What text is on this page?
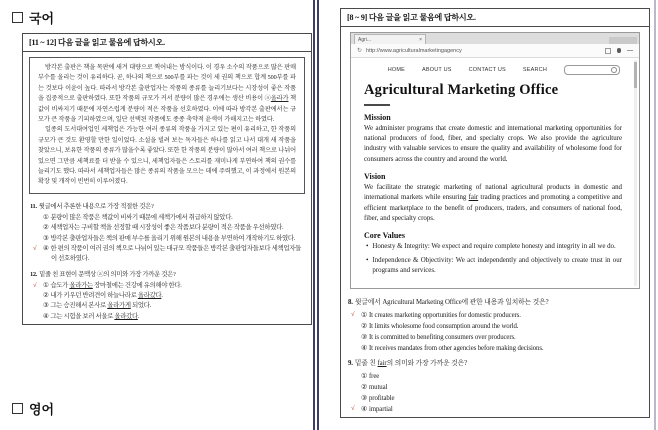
국어
[11 ~ 12] 다음 글을 읽고 물음에 답하시오.

방각본 출판은 책을 목판에 새겨 대량으로 찍어내는 방식이다. 이 경우 소수의 작품으로 많은 판매 부수를 올리는 것이 유리하다. 곧, 하나의 책으로 500부를 파는 것이 세 권의 책으로 합계 500부를 파는 것보다 이윤이 높다. 따라서 방각본 출판업자는 작품의 종류를 늘리기보다는 시장성이 좋은 작품을 집중적으로 출판하였다. 또한 작품의 규모가 커서 분량이 많은 경우에는 생산 비용이 ⓐ올라가 책값이 비싸지기 때문에 자연스럽게 분량이 적은 작품을 선호하였다. 이에 따라 방각본 출판에서는 규모가 큰 작품을 기피하였으며, 일단 선택된 작품에도 종종 축약적 윤색이 가해지고는 하였다.

일종의 도서대여업인 세책업은 가능한 여러 종류의 작품을 가지고 있는 편이 유리하고, 한 작품의 규모가 큰 것도 환영할 만한 일이었다. 소설을 빌려 보는 독자들은 하나를 읽고 나서 대개 새 작품을 찾았으니, 보유한 작품의 종류가 많을수록 좋았다. 또한 한 작품의 분량이 많아서 여러 책으로 나뉘어 있으면 그만큼 세책료를 더 받을 수 있으니, 세책업자들은 스토리를 재미나게 부연하여 책의 권수를 늘리기도 했다. 따라서 세책업자들은 많은 종류의 작품을 모으는 데에 주력했고, 이 과정에서 원본의 확장 및 개작이 빈번히 이루어졌다.

11. 윗글에서 추론한 내용으로 가장 적절한 것은?
① 분량이 많은 작품은 책값이 비싸기 때문에 세책가에서 취급하지 않았다.
② 세책업자는 구비할 책을 선정할 때 시장성이 좋은 작품보다 분량이 적은 작품을 우선하였다.
③ 방각본 출판업자들은 책의 판매 부수를 올리기 위해 원본의 내용을 부연하여 개작하기도 하였다.
√ ④ 한 편의 작품이 여러 권의 책으로 나뉘어 있는 대규모 작품들은 방각본 출판업자들보다 세책업자들이 선호하였다.
12. 밑줄 친 표현이 문맥상 ⓐ의 의미와 가장 가까운 것은?
√ ① 습도가 올라가는 장마철에는 건강에 유의해야 한다.
② 내가 키우던 반려견이 하늘나라로 올라갔다.
③ 그는 승진해서 본사로 올라가게 되었다.
④ 그는 시험을 보러 서울로 올라갔다.
영어
[8 ~ 9] 다음 글을 읽고 물음에 답하시오.
Agri...	×
↻ http://www.agriculturalmarketingagency
HOME	ABOUT US	CONTACT US	SEARCH
Agricultural Marketing Office
Mission

We administer programs that create domestic and international marketing opportunities for national producers of food, fiber, and specialty crops. We also provide the agriculture industry with valuable services to ensure the quality and availability of wholesome food for consumers across the country and around the world.

Vision

We facilitate the strategic marketing of national agricultural products in domestic and international markets while ensuring fair trading practices and promoting a competitive and efficient marketplace to the benefit of producers, traders, and consumers of national food, fiber, and specialty crops.

Core Values
• Honesty & Integrity: We expect and require complete honesty and integrity in all we do.
• Independence & Objectivity: We act independently and objectively to create trust in our programs and services.
8. 윗글에서 Agricultural Marketing Office에 관한 내용과 일치하는 것은?
√ ① It creates marketing opportunities for domestic producers.
② It limits wholesome food consumption around the world.
③ It is committed to benefiting consumers over producers.
④ It receives mandates from other agencies before making decisions.
9. 밑줄 친 fair의 의미와 가장 가까운 것은?
① free
② mutual
③ profitable
√ ④ impartial
